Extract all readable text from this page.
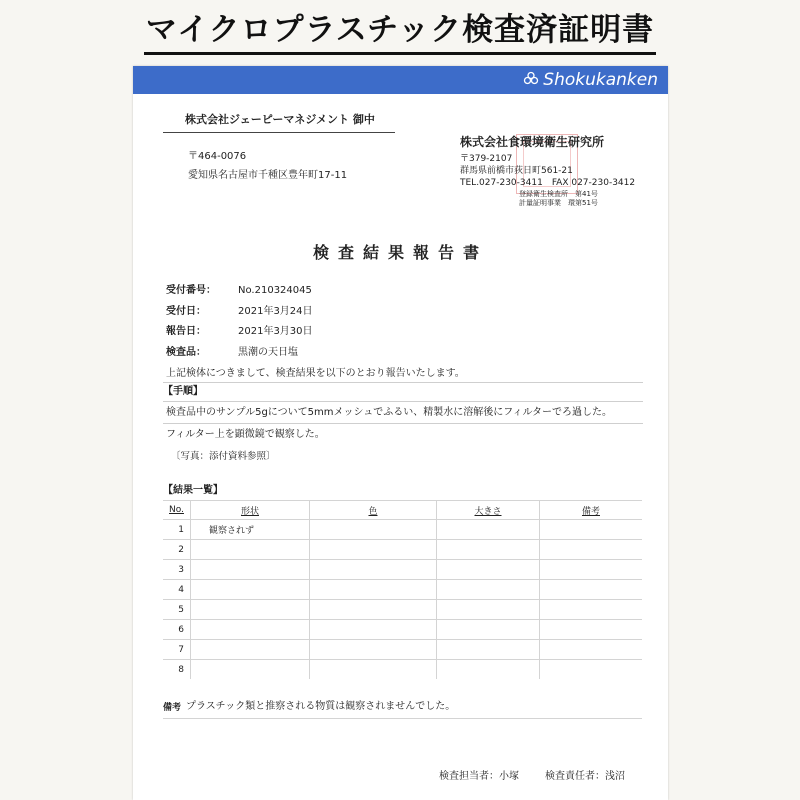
マイクロプラスチック検査済証明書
Shokukanken
株式会社ジェーピーマネジメント 御中
〒464-0076
愛知県名古屋市千種区豊年町17-11
株式会社食環境衛生研究所
〒379-2107
群馬県前橋市荻日町561-21
TEL.027-230-3411　FAX 027-230-3412
登録衛生検査所　第41号
計量証明事業　環第51号
検査結果報告書
受付番号： No.210324045
受付日：	2021年3月24日
報告日：	2021年3月30日
検査品：	黒潮の天日塩
上記検体につきまして、検査結果を以下のとおり報告いたします。
【手順】
検査品中のサンプル5gについて5mmメッシュでふるい、精製水に溶解後にフィルターでろ過した。
フィルター上を顕微鏡で観察した。
〔写真：添付資料参照〕
【結果一覧】
No.	形状	色	大きさ	備考
1	観察されず			
2				
3				
4				
5				
6				
7				
8				
備考 プラスチック類と推察される物質は観察されませんでした。
検査担当者：小塚	検査責任者：浅沼
